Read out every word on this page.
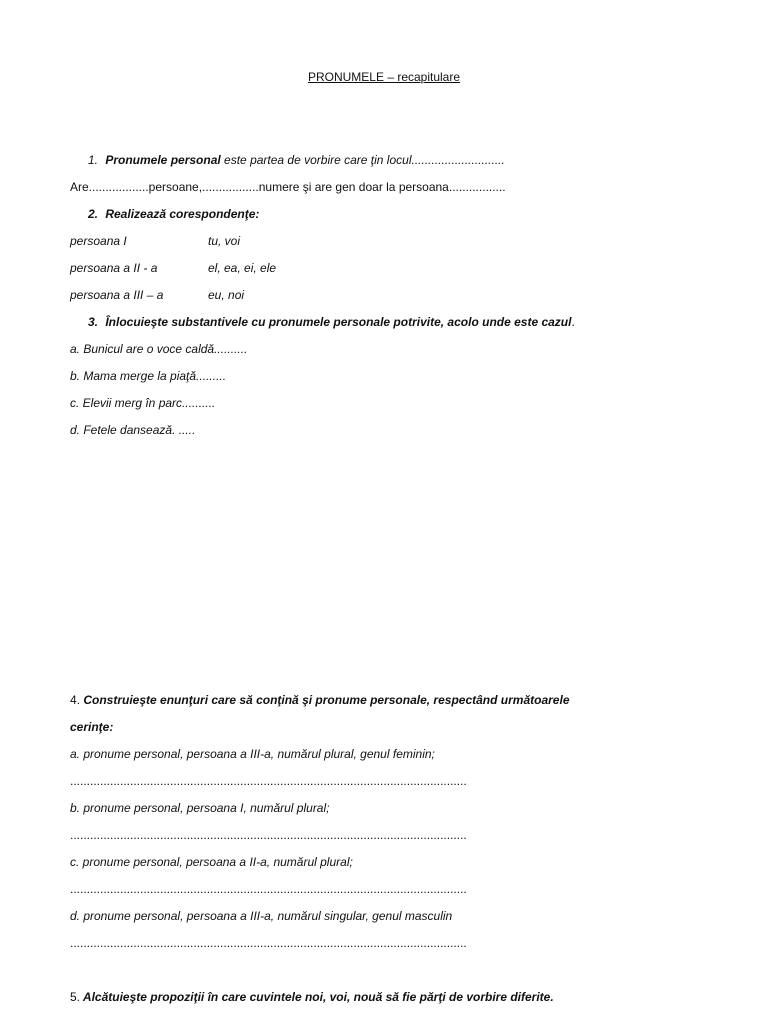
PRONUMELE – recapitulare
1. Pronumele personal este partea de vorbire care ţin locul............................
Are..................persoane,.................numere şi are gen doar la persoana.................
2. Realizează corespondenţe:
persoana I	tu, voi
persoana a II - a	el, ea, ei, ele
persoana a III – a	eu, noi
3. Înlocuieşte substantivele cu pronumele personale potrivite, acolo unde este cazul.
a. Bunicul are o voce caldă..........
b. Mama merge la piaţă.........
c. Elevii merg în parc..........
d. Fetele dansează. .....
4. Construieşte enunţuri care să conţină şi pronume personale, respectând următoarele
cerinţe:
a. pronume personal, persoana a III-a, numărul plural, genul feminin;
.......................................................................................................................
b. pronume personal, persoana I, numărul plural;
.......................................................................................................................
c. pronume personal, persoana a II-a, numărul plural;
.......................................................................................................................
d. pronume personal, persoana a III-a, numărul singular, genul masculin
.......................................................................................................................
5. Alcătuieşte propoziţii în care cuvintele noi, voi, nouă să fie părţi de vorbire diferite.
